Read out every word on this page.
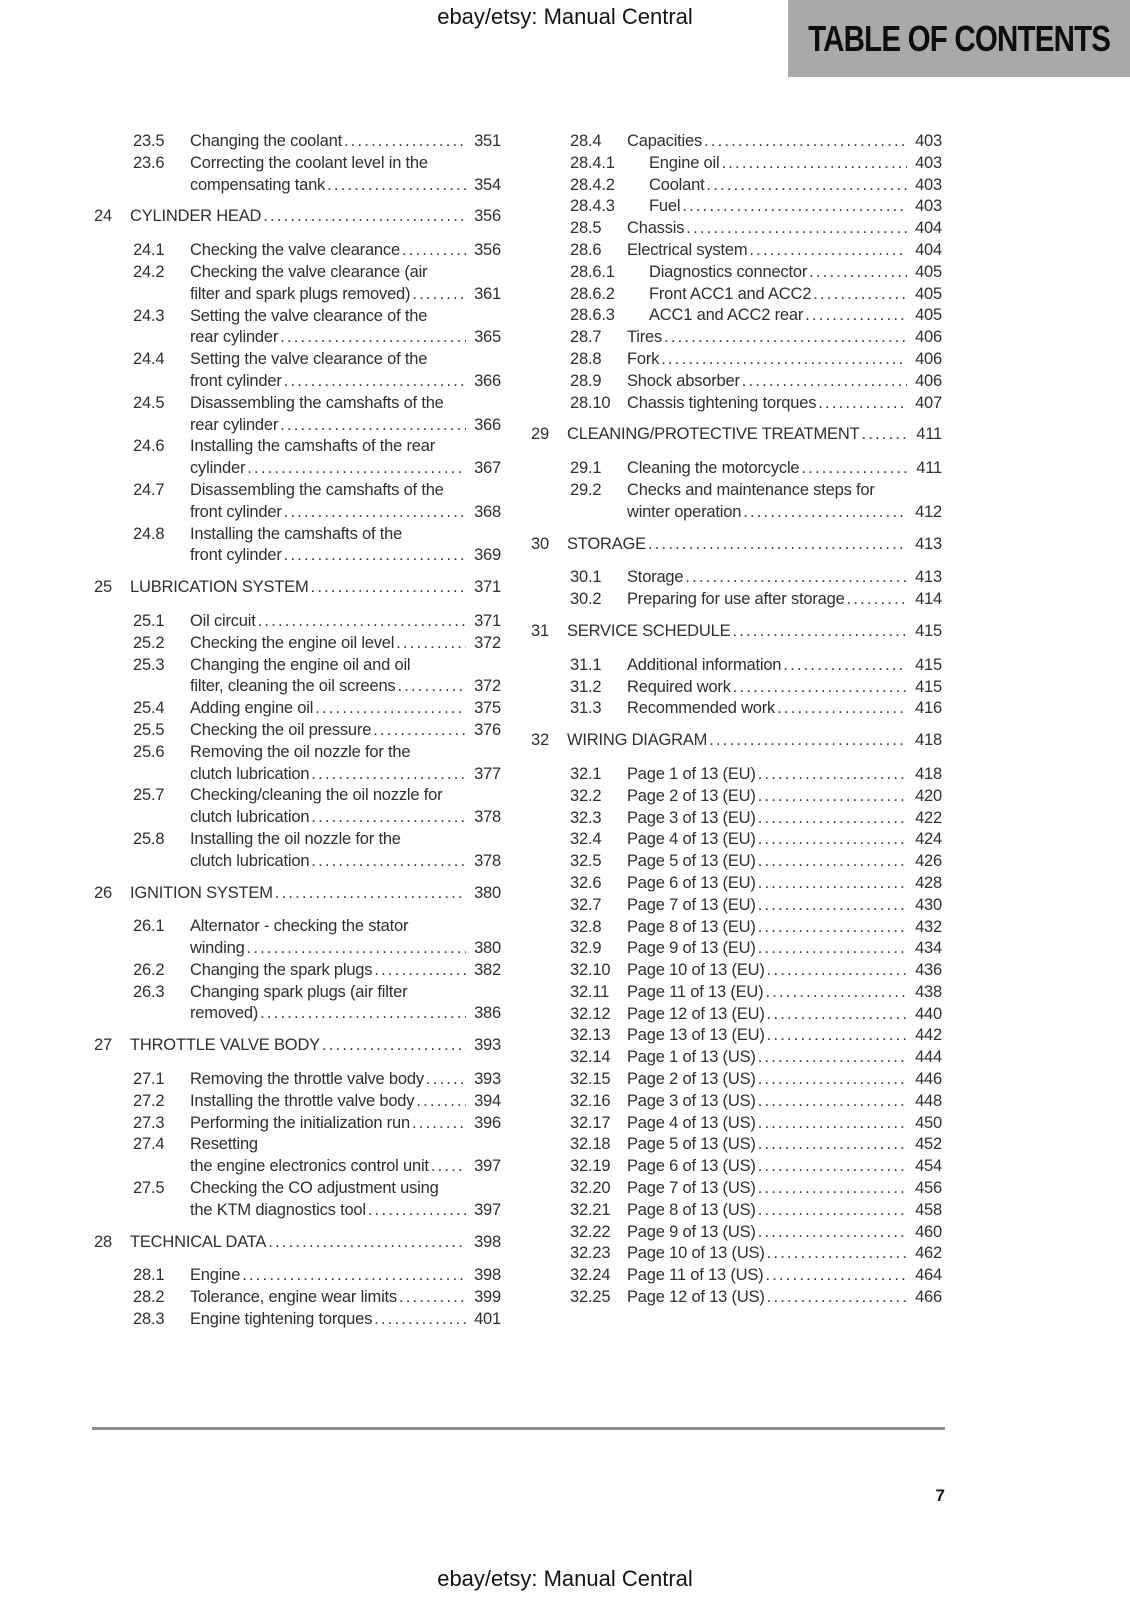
ebay/etsy: Manual Central
TABLE OF CONTENTS
23.5	Changing the coolant .....	351
23.6	Correcting the coolant level in the
compensating tank .....	354
24	CYLINDER HEAD .....	356
24.1	Checking the valve clearance .....	356
24.2	Checking the valve clearance (air
filter and spark plugs removed) .....	361
24.3	Setting the valve clearance of the
rear cylinder .....	365
24.4	Setting the valve clearance of the
front cylinder .....	366
24.5	Disassembling the camshafts of the
rear cylinder .....	366
24.6	Installing the camshafts of the rear
cylinder .....	367
24.7	Disassembling the camshafts of the
front cylinder .....	368
24.8	Installing the camshafts of the
front cylinder .....	369
25	LUBRICATION SYSTEM .....	371
25.1	Oil circuit .....	371
25.2	Checking the engine oil level .....	372
25.3	Changing the engine oil and oil
filter, cleaning the oil screens .....	372
25.4	Adding engine oil .....	375
25.5	Checking the oil pressure .....	376
25.6	Removing the oil nozzle for the
clutch lubrication .....	377
25.7	Checking/cleaning the oil nozzle for
clutch lubrication .....	378
25.8	Installing the oil nozzle for the
clutch lubrication .....	378
26	IGNITION SYSTEM .....	380
26.1	Alternator - checking the stator
winding .....	380
26.2	Changing the spark plugs .....	382
26.3	Changing spark plugs (air filter
removed) .....	386
27	THROTTLE VALVE BODY .....	393
27.1	Removing the throttle valve body .....	393
27.2	Installing the throttle valve body .....	394
27.3	Performing the initialization run .....	396
27.4	Resetting
the engine electronics control unit .....	397
27.5	Checking the CO adjustment using
the KTM diagnostics tool .....	397
28	TECHNICAL DATA .....	398
28.1	Engine .....	398
28.2	Tolerance, engine wear limits .....	399
28.3	Engine tightening torques .....	401
28.4	Capacities .....	403
28.4.1	Engine oil .....	403
28.4.2	Coolant .....	403
28.4.3	Fuel .....	403
28.5	Chassis .....	404
28.6	Electrical system .....	404
28.6.1	Diagnostics connector .....	405
28.6.2	Front ACC1 and ACC2 .....	405
28.6.3	ACC1 and ACC2 rear .....	405
28.7	Tires .....	406
28.8	Fork .....	406
28.9	Shock absorber .....	406
28.10	Chassis tightening torques .....	407
29	CLEANING/PROTECTIVE TREATMENT .....	411
29.1	Cleaning the motorcycle .....	411
29.2	Checks and maintenance steps for
winter operation .....	412
30	STORAGE .....	413
30.1	Storage .....	413
30.2	Preparing for use after storage .....	414
31	SERVICE SCHEDULE .....	415
31.1	Additional information .....	415
31.2	Required work .....	415
31.3	Recommended work .....	416
32	WIRING DIAGRAM .....	418
32.1	Page 1 of 13 (EU) .....	418
32.2	Page 2 of 13 (EU) .....	420
32.3	Page 3 of 13 (EU) .....	422
32.4	Page 4 of 13 (EU) .....	424
32.5	Page 5 of 13 (EU) .....	426
32.6	Page 6 of 13 (EU) .....	428
32.7	Page 7 of 13 (EU) .....	430
32.8	Page 8 of 13 (EU) .....	432
32.9	Page 9 of 13 (EU) .....	434
32.10	Page 10 of 13 (EU) .....	436
32.11	Page 11 of 13 (EU) .....	438
32.12	Page 12 of 13 (EU) .....	440
32.13	Page 13 of 13 (EU) .....	442
32.14	Page 1 of 13 (US) .....	444
32.15	Page 2 of 13 (US) .....	446
32.16	Page 3 of 13 (US) .....	448
32.17	Page 4 of 13 (US) .....	450
32.18	Page 5 of 13 (US) .....	452
32.19	Page 6 of 13 (US) .....	454
32.20	Page 7 of 13 (US) .....	456
32.21	Page 8 of 13 (US) .....	458
32.22	Page 9 of 13 (US) .....	460
32.23	Page 10 of 13 (US) .....	462
32.24	Page 11 of 13 (US) .....	464
32.25	Page 12 of 13 (US) .....	466
7
ebay/etsy: Manual Central
